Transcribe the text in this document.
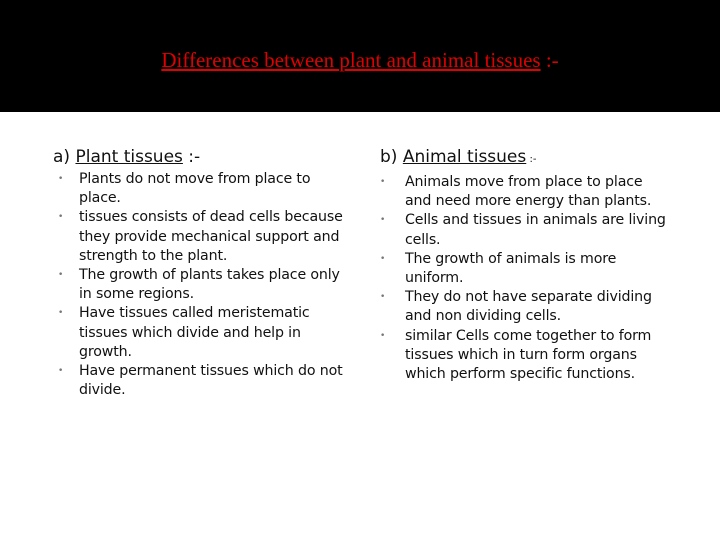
Differences between plant and animal tissues :-
a) Plant tissues :-
•	Plants do not move from place to place.
•	tissues consists of dead cells because they provide mechanical support and strength to the plant.
•	The growth of plants takes place only in some regions.
•	Have tissues called meristematic tissues which divide and help in growth.
•	Have permanent tissues which do not divide.
b) Animal tissues :-
•	Animals move from place to place and need more energy than plants.
•	Cells and tissues in animals are living cells.
•	The growth of animals is more uniform.
•	They do not have separate dividing and non dividing cells.
•	similar Cells come together to form tissues which in turn form organs which perform specific functions.
